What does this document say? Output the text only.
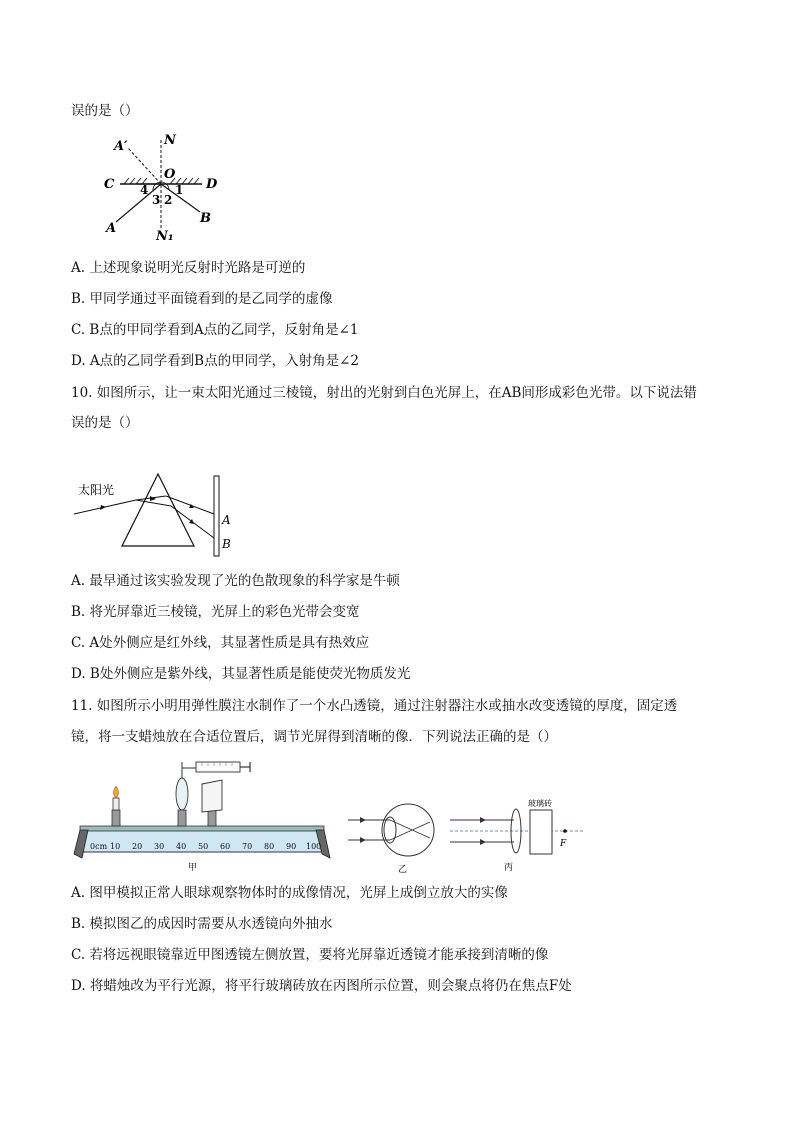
误的是（）
A′	N
O
C	D
4 1
3 2
A
B
N₁
A. 上述现象说明光反射时光路是可逆的
B. 甲同学通过平面镜看到的是乙同学的虚像
C. B点的甲同学看到A点的乙同学，反射角是∠1
D. A点的乙同学看到B点的甲同学，入射角是∠2
10. 如图所示，让一束太阳光通过三棱镜，射出的光射到白色光屏上，在AB间形成彩色光带。以下说法错
误的是（）
太阳光
A
B
A. 最早通过该实验发现了光的色散现象的科学家是牛顿
B. 将光屏靠近三棱镜，光屏上的彩色光带会变宽
C. A处外侧应是红外线，其显著性质是具有热效应
D. B处外侧应是紫外线，其显著性质是能使荧光物质发光
11. 如图所示小明用弹性膜注水制作了一个水凸透镜，通过注射器注水或抽水改变透镜的厚度，固定透
镜，将一支蜡烛放在合适位置后，调节光屏得到清晰的像．下列说法正确的是（）
0cm 10 20 30 40 50 60 70 80 90 100
甲	乙
玻璃砖
F
丙
A. 图甲模拟正常人眼球观察物体时的成像情况，光屏上成倒立放大的实像
B. 模拟图乙的成因时需要从水透镜向外抽水
C. 若将远视眼镜靠近甲图透镜左侧放置，要将光屏靠近透镜才能承接到清晰的像
D. 将蜡烛改为平行光源，将平行玻璃砖放在丙图所示位置，则会聚点将仍在焦点F处
